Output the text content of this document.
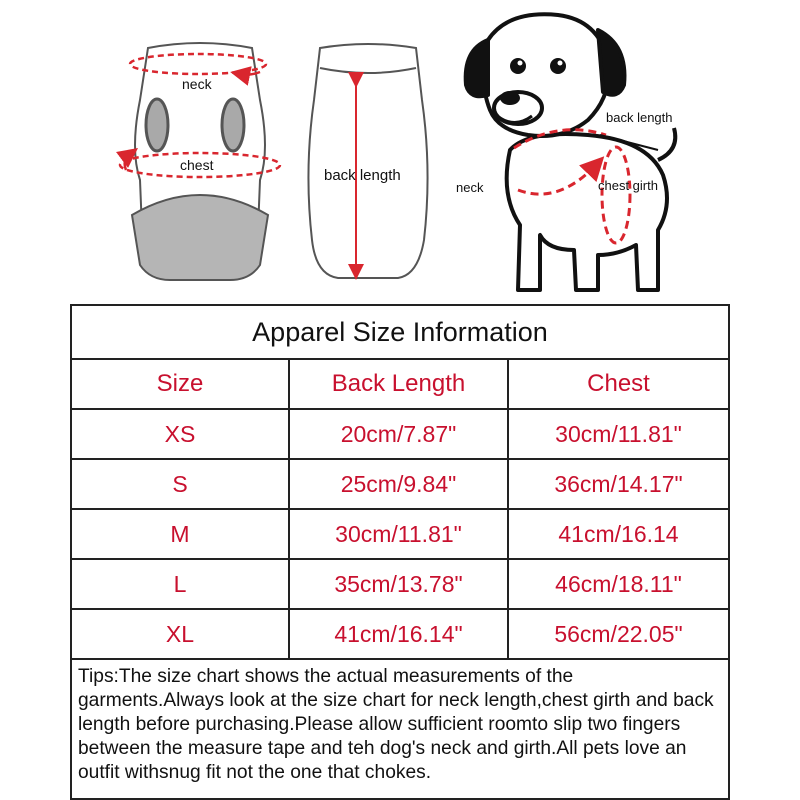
neck
chest
back length
back length
neck	chest girth
Apparel Size Information
Size	Back Length	Chest
XS	20cm/7.87"	30cm/11.81"
S	25cm/9.84"	36cm/14.17"
M	30cm/11.81"	41cm/16.14
L	35cm/13.78"	46cm/18.11"
XL	41cm/16.14"	56cm/22.05"
Tips:The size chart shows the actual measurements of the garments.Always look at the size chart for neck length,chest girth and back length before purchasing.Please allow sufficient roomto slip two fingers between the measure tape and teh dog's neck and girth.All pets love an outfit withsnug fit not the one that chokes.
